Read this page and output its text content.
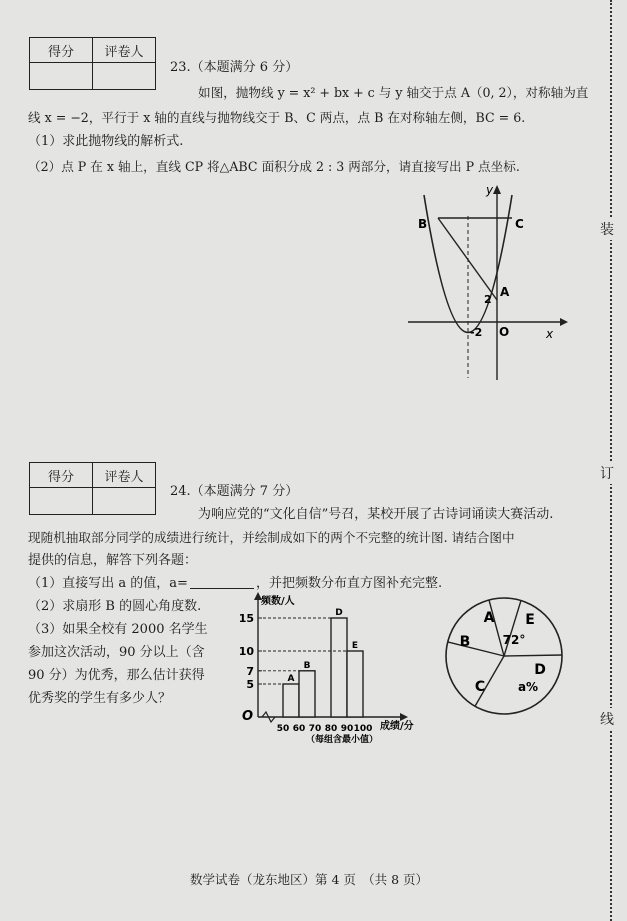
得分	评卷人

23.（本题满分 6 分）
如图，抛物线 y = x² + bx + c 与 y 轴交于点 A（0, 2），对称轴为直
线 x = −2，平行于 x 轴的直线与抛物线交于 B、C 两点，点 B 在对称轴左侧，BC = 6.
（1）求此抛物线的解析式.
（2）点 P 在 x 轴上，直线 CP 将△ABC 面积分成 2 : 3 两部分，请直接写出 P 点坐标.
B	C
A
2
-2 O	x
y
得分	评卷人

24.（本题满分 7 分）
为响应党的“文化自信”号召，某校开展了古诗词诵读大赛活动.
现随机抽取部分同学的成绩进行统计，并绘制成如下的两个不完整的统计图. 请结合图中
提供的信息，解答下列各题：
（1）直接写出 a 的值，a=	，并把频数分布直方图补充完整.
（2）求扇形 B 的圆心角度数.
（3）如果全校有 2000 名学生
参加这次活动，90 分以上（含
90 分）为优秀，那么估计获得
优秀奖的学生有多少人？
频数/人
成绩/分
O
（每组含最小值）
5
7
10
15
50 60 70 80 90 100
A
B
D
E
A
B
C
D
E
72°
a%
装
订
线
数学试卷（龙东地区）第 4 页　（共 8 页）
